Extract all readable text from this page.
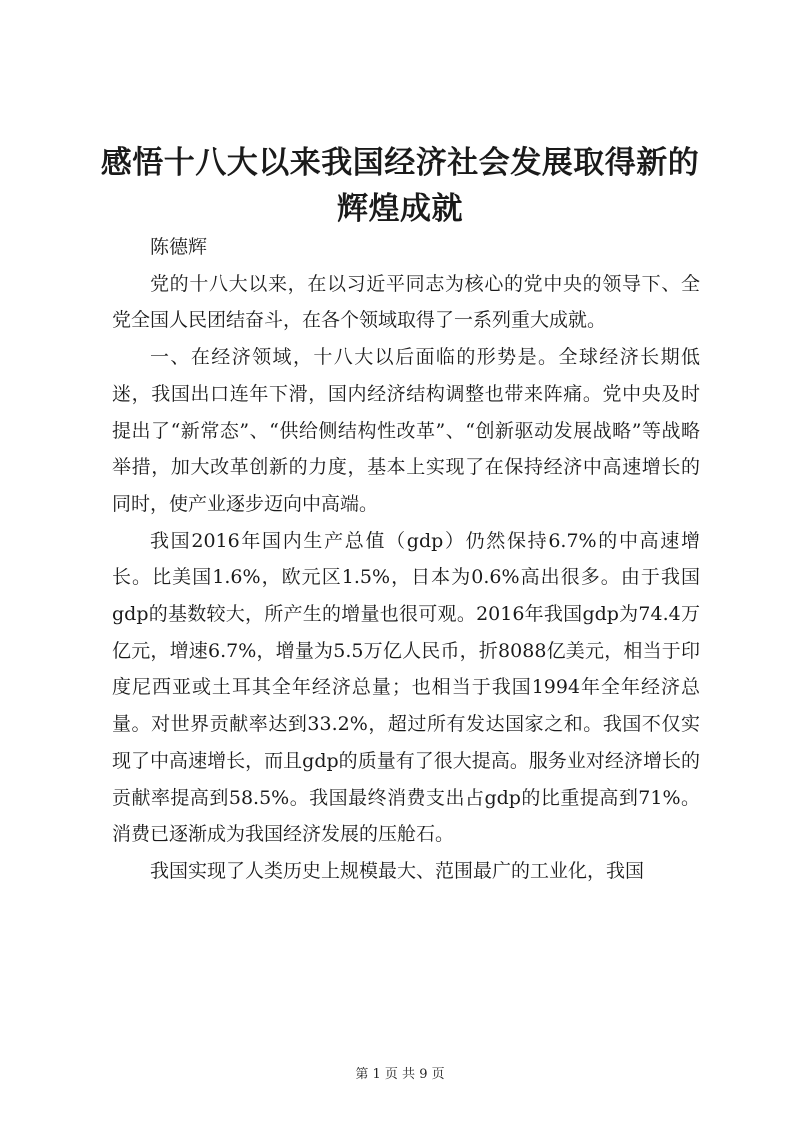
感悟十八大以来我国经济社会发展取得新的辉煌成就

陈德辉

党的十八大以来，在以习近平同志为核心的党中央的领导下、全党全国人民团结奋斗，在各个领域取得了一系列重大成就。

一、在经济领域，十八大以后面临的形势是。全球经济长期低迷，我国出口连年下滑，国内经济结构调整也带来阵痛。党中央及时提出了“新常态”、“供给侧结构性改革”、“创新驱动发展战略”等战略举措，加大改革创新的力度，基本上实现了在保持经济中高速增长的同时，使产业逐步迈向中高端。

我国2016年国内生产总值（gdp）仍然保持6.7%的中高速增长。比美国1.6%，欧元区1.5%，日本为0.6%高出很多。由于我国gdp的基数较大，所产生的增量也很可观。2016年我国gdp为74.4万亿元，增速6.7%，增量为5.5万亿人民币，折8088亿美元，相当于印度尼西亚或土耳其全年经济总量；也相当于我国1994年全年经济总量。对世界贡献率达到33.2%，超过所有发达国家之和。我国不仅实现了中高速增长，而且gdp的质量有了很大提高。服务业对经济增长的贡献率提高到58.5%。我国最终消费支出占gdp的比重提高到71%。消费已逐渐成为我国经济发展的压舱石。

我国实现了人类历史上规模最大、范围最广的工业化，我国

第 1 页 共 9 页
